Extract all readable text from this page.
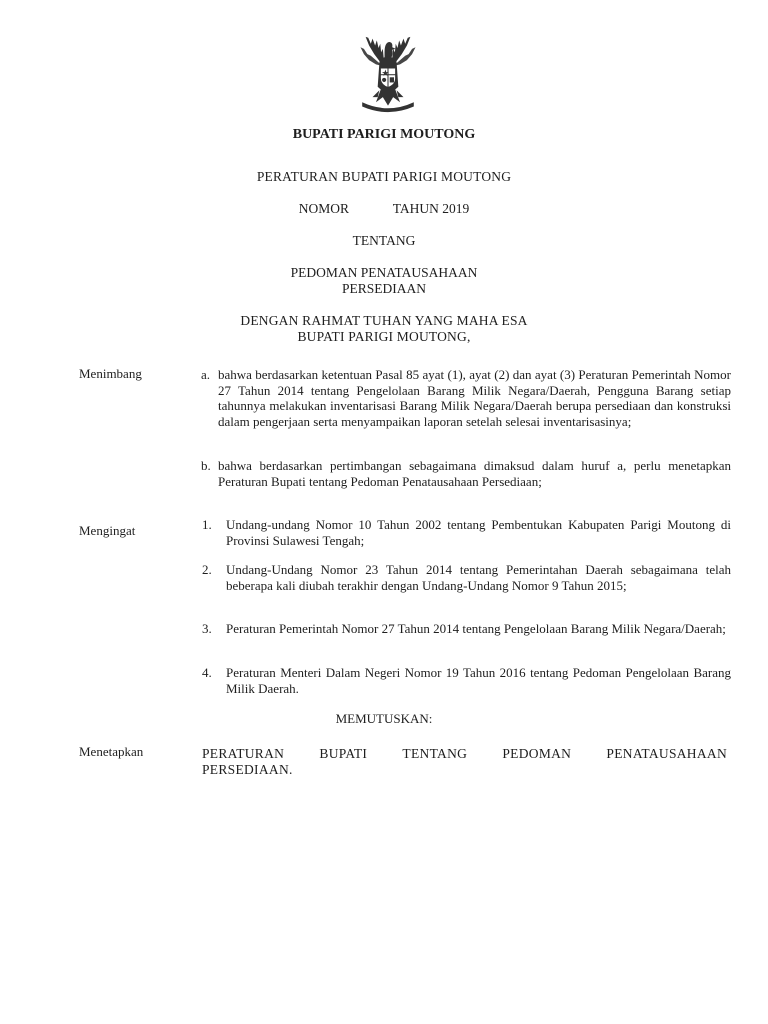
BUPATI PARIGI MOUTONG
PERATURAN BUPATI PARIGI MOUTONG
NOMOR	TAHUN 2019
TENTANG
PEDOMAN PENATAUSAHAAN
PERSEDIAAN
DENGAN RAHMAT TUHAN YANG MAHA ESA
BUPATI PARIGI MOUTONG,
Menimbang	a. bahwa berdasarkan ketentuan Pasal 85 ayat (1), ayat (2) dan ayat (3) Peraturan Pemerintah Nomor 27 Tahun 2014 tentang Pengelolaan Barang Milik Negara/Daerah, Pengguna Barang setiap tahunnya melakukan inventarisasi Barang Milik Negara/Daerah berupa persediaan dan konstruksi dalam pengerjaan serta menyampaikan laporan setelah selesai inventarisasinya;
b. bahwa berdasarkan pertimbangan sebagaimana dimaksud dalam huruf a, perlu menetapkan Peraturan Bupati tentang Pedoman Penatausahaan Persediaan;
Mengingat	1. Undang-undang Nomor 10 Tahun 2002 tentang Pembentukan Kabupaten Parigi Moutong di Provinsi Sulawesi Tengah;
2. Undang-Undang Nomor 23 Tahun 2014 tentang Pemerintahan Daerah sebagaimana telah beberapa kali diubah terakhir dengan Undang-Undang Nomor 9 Tahun 2015;
3. Peraturan Pemerintah Nomor 27 Tahun 2014 tentang Pengelolaan Barang Milik Negara/Daerah;
4. Peraturan Menteri Dalam Negeri Nomor 19 Tahun 2016 tentang Pedoman Pengelolaan Barang Milik Daerah.
MEMUTUSKAN:
Menetapkan	PERATURAN	BUPATI	TENTANG	PEDOMAN	PENATAUSAHAAN
PERSEDIAAN.
